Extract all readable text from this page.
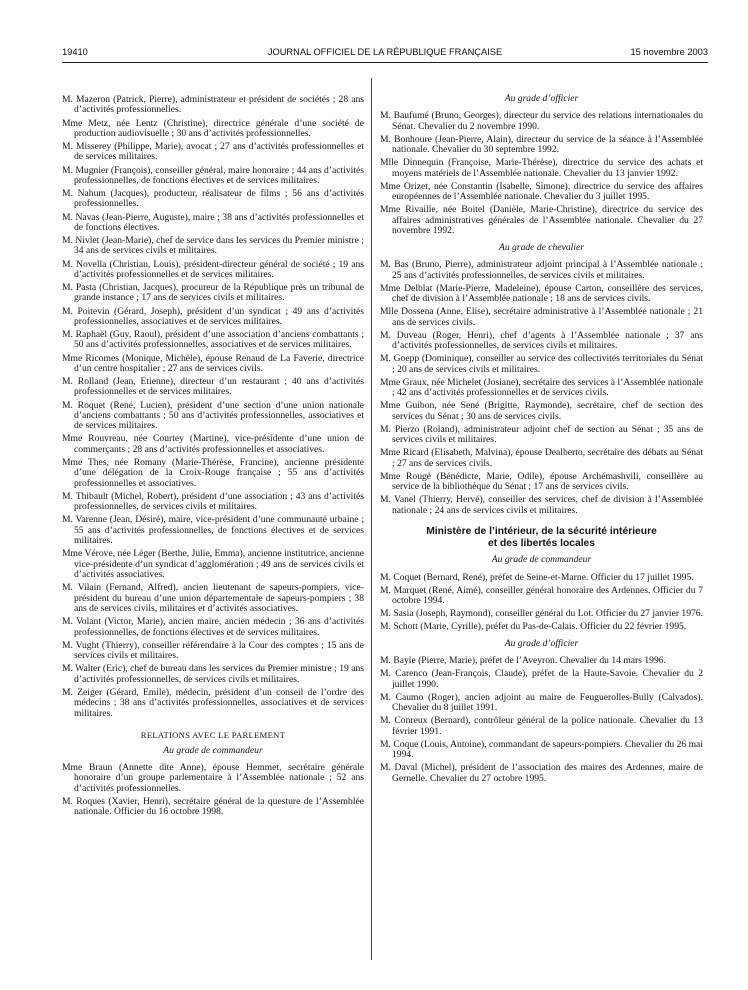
19410	JOURNAL OFFICIEL DE LA RÉPUBLIQUE FRANÇAISE	15 novembre 2003

M. Mazeron (Patrick, Pierre), administrateur et président de sociétés ; 28 ans d’activités professionnelles.

Mme Metz, née Lentz (Christine), directrice générale d’une société de production audiovisuelle ; 30 ans d’activités professionnelles.

M. Misserey (Philippe, Marie), avocat ; 27 ans d’activités professionnelles et de services militaires.

M. Mugnier (François), conseiller général, maire honoraire ; 44 ans d’activités professionnelles, de fonctions électives et de services militaires.

M. Nahum (Jacques), producteur, réalisateur de films ; 56 ans d’activités professionnelles.

M. Navas (Jean-Pierre, Auguste), maire ; 38 ans d’activités professionnelles et de fonctions électives.

M. Nivlet (Jean-Marie), chef de service dans les services du Premier ministre ; 34 ans de services civils et militaires.

M. Novella (Christian, Louis), président-directeur général de société ; 19 ans d’activités professionnelles et de services militaires.

M. Pasta (Christian, Jacques), procureur de la République près un tribunal de grande instance ; 17 ans de services civils et militaires.

M. Poitevin (Gérard, Joseph), président d’un syndicat ; 49 ans d’activités professionnelles, associatives et de services militaires.

M. Raphaël (Guy, Raoul), président d’une association d’anciens combattants ; 50 ans d’activités professionnelles, associatives et de services militaires.

Mme Ricomes (Monique, Michèle), épouse Renaud de La Faverie, directrice d’un centre hospitalier ; 27 ans de services civils.

M. Rolland (Jean, Etienne), directeur d’un restaurant ; 40 ans d’activités professionnelles et de services militaires.

M. Roquet (René, Lucien), président d’une section d’une union nationale d’anciens combattants ; 50 ans d’activités professionnelles, associatives et de services militaires.

Mme Rouvreau, née Courtey (Martine), vice-présidente d’une union de commerçants ; 28 ans d’activités professionnelles et associatives.

Mme Thes, née Romany (Marie-Thérèse, Francine), ancienne présidente d’une délégation de la Croix-Rouge française ; 55 ans d’activités professionnelles et associatives.

M. Thibault (Michel, Robert), président d’une association ; 43 ans d’activités professionnelles, de services civils et militaires.

M. Varenne (Jean, Désiré), maire, vice-président d’une communauté urbaine ; 55 ans d’activités professionnelles, de fonctions électives et de services militaires.

Mme Vérove, née Léger (Berthe, Julie, Emma), ancienne institutrice, ancienne vice-présidente d’un syndicat d’agglomération ; 49 ans de services civils et d’activités associatives.

M. Vilain (Fernand, Alfred), ancien lieutenant de sapeurs-pompiers, vice-président du bureau d’une union départementale de sapeurs-pompiers ; 38 ans de services civils, militaires et d’activités associatives.

M. Volant (Victor, Marie), ancien maire, ancien médecin ; 36 ans d’activités professionnelles, de fonctions électives et de services militaires.

M. Vught (Thierry), conseiller référendaire à la Cour des comptes ; 15 ans de services civils et militaires.

M. Walter (Eric), chef de bureau dans les services du Premier ministre ; 19 ans d’activités professionnelles, de services civils et militaires.

M. Zeiger (Gérard, Emile), médecin, président d’un conseil de l’ordre des médecins ; 38 ans d’activités professionnelles, associatives et de services militaires.

RELATIONS AVEC LE PARLEMENT
Au grade de commandeur

Mme Braun (Annette dite Anne), épouse Hemmet, secrétaire générale honoraire d’un groupe parlementaire à l’Assemblée nationale ; 52 ans d’activités professionnelles.

M. Roques (Xavier, Henri), secrétaire général de la questure de l’Assemblée nationale. Officier du 16 octobre 1998.

Au grade d’officier

M. Baufumé (Bruno, Georges), directeur du service des relations internationales du Sénat. Chevalier du 2 novembre 1990.

M. Bonhoure (Jean-Pierre, Alain), directeur du service de la séance à l’Assemblée nationale. Chevalier du 30 septembre 1992.

Mlle Dinnequin (Françoise, Marie-Thérèse), directrice du service des achats et moyens matériels de l’Assemblée nationale. Chevalier du 13 janvier 1992.

Mme Orizet, née Constantin (Isabelle, Simone), directrice du service des affaires européennes de l’Assemblée nationale. Chevalier du 3 juillet 1995.

Mme Rivaille, née Boitel (Danièle, Marie-Christine), directrice du service des affaires administratives générales de l’Assemblée nationale. Chevalier du 27 novembre 1992.

Au grade de chevalier

M. Bas (Bruno, Pierre), administrateur adjoint principal à l’Assemblée nationale ; 25 ans d’activités professionnelles, de services civils et militaires.

Mme Delblat (Marie-Pierre, Madeleine), épouse Carton, conseillère des services, chef de division à l’Assemblée nationale ; 18 ans de services civils.

Mlle Dossena (Anne, Elise), secrétaire administrative à l’Assemblée nationale ; 21 ans de services civils.

M. Duveau (Roger, Henri), chef d’agents à l’Assemblée nationale ; 37 ans d’activités professionnelles, de services civils et militaires.

M. Goepp (Dominique), conseiller au service des collectivités territoriales du Sénat ; 20 ans de services civils et militaires.

Mme Graux, née Michelet (Josiane), secrétaire des services à l’Assemblée nationale ; 42 ans d’activités professionnelles et de services civils.

Mme Guibon, née Sené (Brigitte, Raymonde), secrétaire, chef de section des services du Sénat ; 30 ans de services civils.

M. Pierzo (Roland), administrateur adjoint chef de section au Sénat ; 35 ans de services civils et militaires.

Mme Ricard (Elisabeth, Malvina), épouse Dealberto, secrétaire des débats au Sénat ; 27 ans de services civils.

Mme Rougé (Bénédicte, Marie, Odile), épouse Archémashvili, conseillère au service de la bibliothèque du Sénat ; 17 ans de services civils.

M. Vanel (Thierry, Hervé), conseiller des services, chef de division à l’Assemblée nationale ; 24 ans de services civils et militaires.

Ministère de l’intérieur, de la sécurité intérieure
et des libertés locales
Au grade de commandeur

M. Coquet (Bernard, René), préfet de Seine-et-Marne. Officier du 17 juillet 1995.

M. Marquet (René, Aimé), conseiller général honoraire des Ardennes. Officier du 7 octobre 1994.

M. Sasia (Joseph, Raymond), conseiller général du Lot. Officier du 27 janvier 1976.

M. Schott (Marie, Cyrille), préfet du Pas-de-Calais. Officier du 22 février 1995.

Au grade d’officier

M. Bayle (Pierre, Marie), préfet de l’Aveyron. Chevalier du 14 mars 1996.

M. Carenco (Jean-François, Claude), préfet de la Haute-Savoie. Chevalier du 2 juillet 1990.

M. Caumo (Roger), ancien adjoint au maire de Feuguerolles-Bully (Calvados). Chevalier du 8 juillet 1991.

M. Conreux (Bernard), contrôleur général de la police nationale. Chevalier du 13 février 1991.

M. Coque (Louis, Antoine), commandant de sapeurs-pompiers. Chevalier du 26 mai 1994.

M. Daval (Michel), président de l’association des maires des Ardennes, maire de Gernelle. Chevalier du 27 octobre 1995.
